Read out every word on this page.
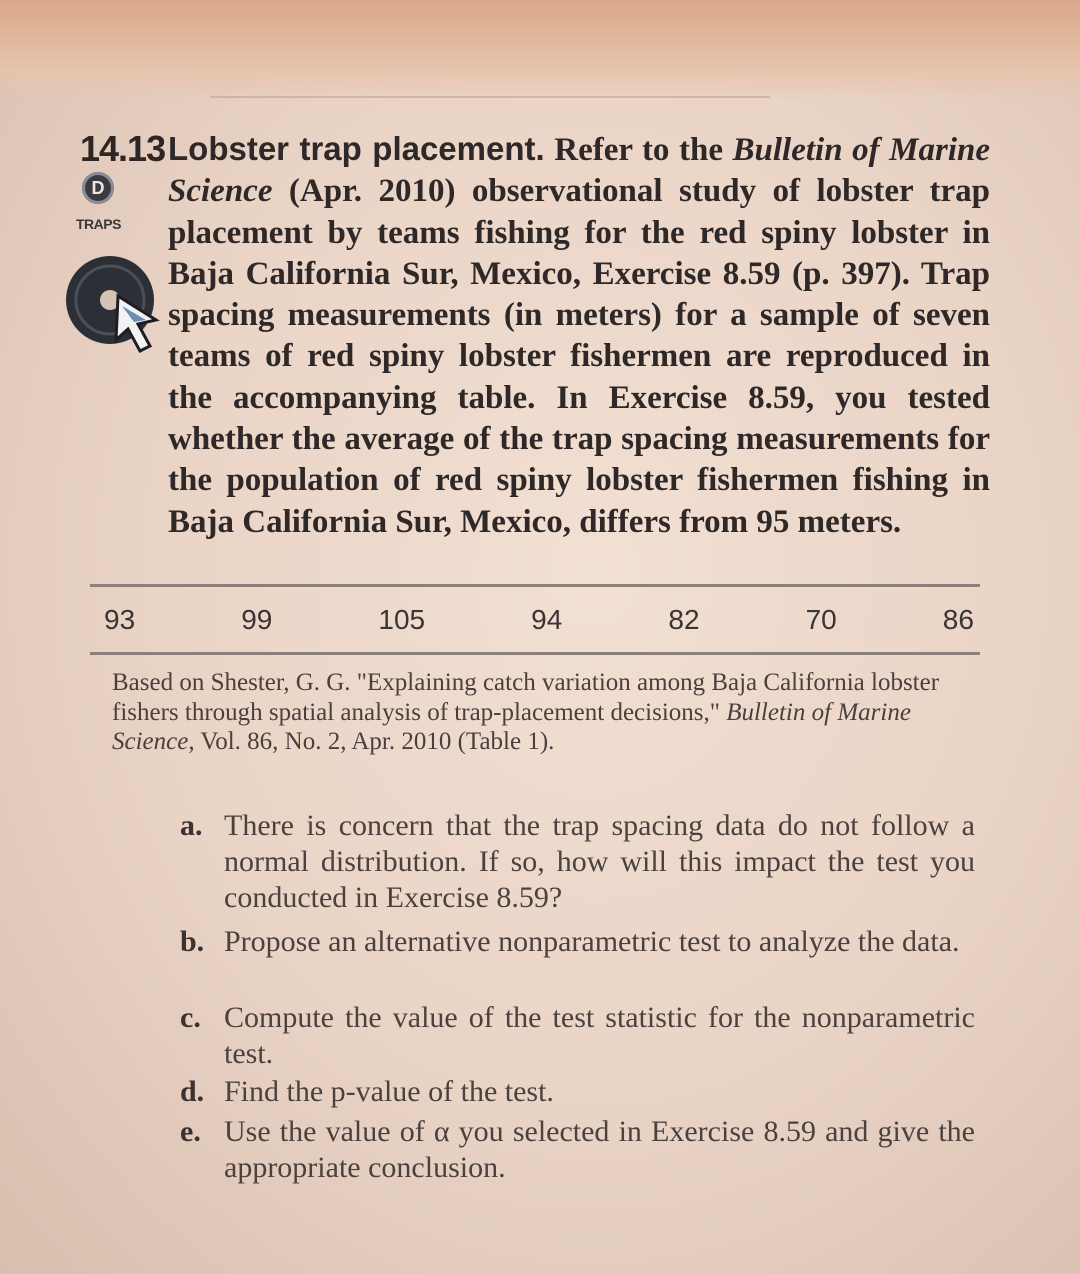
14.13
D
TRAPS
Lobster trap placement. Refer to the Bulletin of Marine Science (Apr. 2010) observational study of lobster trap placement by teams fishing for the red spiny lobster in Baja California Sur, Mexico, Exercise 8.59 (p. 397). Trap spacing measurements (in meters) for a sample of seven teams of red spiny lobster fishermen are reproduced in the accompanying table. In Exercise 8.59, you tested whether the average of the trap spacing measurements for the population of red spiny lobster fishermen fishing in Baja California Sur, Mexico, differs from 95 meters.
93	99	105	94	82	70	86
Based on Shester, G. G. "Explaining catch variation among Baja California lobster fishers through spatial analysis of trap-placement decisions," Bulletin of Marine Science, Vol. 86, No. 2, Apr. 2010 (Table 1).
a. There is concern that the trap spacing data do not follow a normal distribution. If so, how will this impact the test you conducted in Exercise 8.59?
b. Propose an alternative nonparametric test to analyze the data.
c. Compute the value of the test statistic for the nonparametric test.
d. Find the p-value of the test.
e. Use the value of α you selected in Exercise 8.59 and give the appropriate conclusion.
